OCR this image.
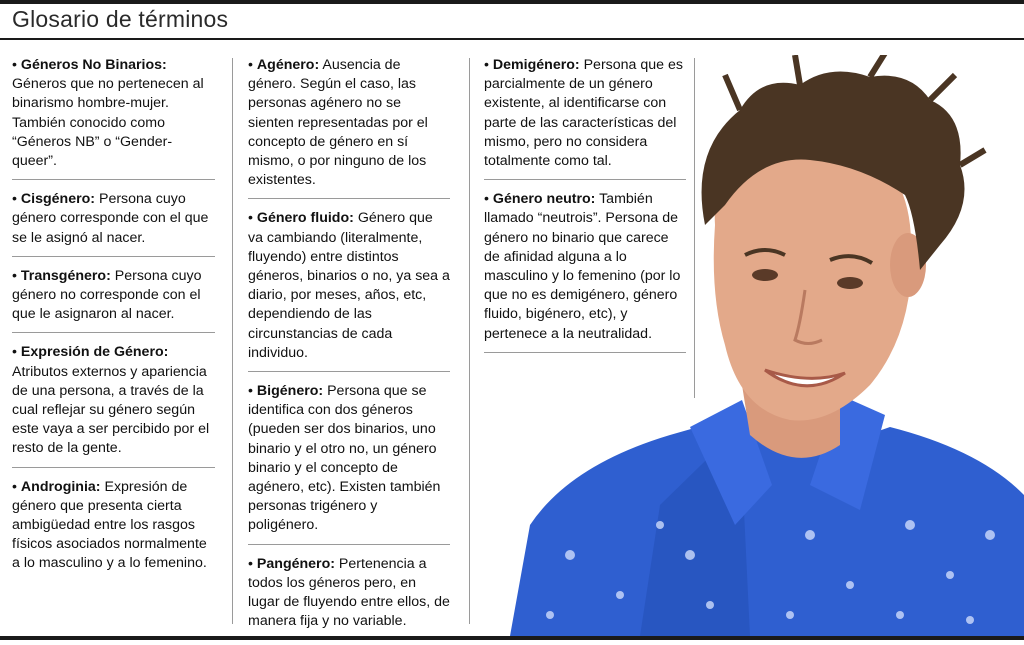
Glosario de términos
• Géneros No Binarios: Géneros que no pertenecen al binarismo hombre-mujer. También conocido como “Géneros NB” o “Gender-queer”.
• Cisgénero: Persona cuyo género corresponde con el que se le asignó al nacer.
• Transgénero: Persona cuyo género no corresponde con el que le asignaron al nacer.
• Expresión de Género: Atributos externos y apariencia de una persona, a través de la cual reflejar su género según este vaya a ser percibido por el resto de la gente.
• Androginia: Expresión de género que presenta cierta ambigüedad entre los rasgos físicos asociados normalmente a lo masculino y a lo femenino.
• Agénero: Ausencia de género. Según el caso, las personas agénero no se sienten representadas por el concepto de género en sí mismo, o por ninguno de los existentes.
• Género fluido: Género que va cambiando (literalmente, fluyendo) entre distintos géneros, binarios o no, ya sea a diario, por meses, años, etc, dependiendo de las circunstancias de cada individuo.
• Bigénero: Persona que se identifica con dos géneros (pueden ser dos binarios, uno binario y el otro no, un género binario y el concepto de agénero, etc). Existen también personas trigénero y poligénero.
• Pangénero: Pertenencia a todos los géneros pero, en lugar de fluyendo entre ellos, de manera fija y no variable.
• Demigénero: Persona que es parcialmente de un género existente, al identificarse con parte de las características del mismo, pero no considera totalmente como tal.
• Género neutro: También llamado “neutrois”. Persona de género no binario que carece de afinidad alguna a lo masculino y lo femenino (por lo que no es demigénero, género fluido, bigénero, etc), y pertenece a la neutralidad.
